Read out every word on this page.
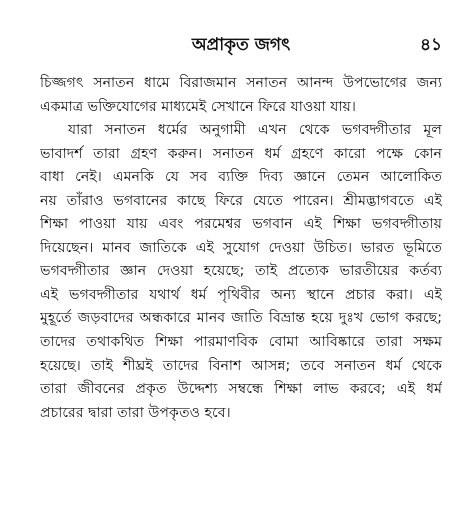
অপ্রাকৃত জগৎ	৪১
চিজ্জগৎ সনাতন ধামে বিরাজমান সনাতন আনন্দ উপভোগের জন্য
একমাত্র ভক্তিযোগের মাধ্যমেই সেখানে ফিরে যাওয়া যায়।
যারা সনাতন ধর্মের অনুগামী এখন থেকে ভগবদ্গীতার মূল
ভাবাদর্শ তারা গ্রহণ করুন। সনাতন ধর্ম গ্রহণে কারো পক্ষে কোন
বাধা নেই। এমনকি যে সব ব্যক্তি দিব্য জ্ঞানে তেমন আলোকিত
নয় তাঁরাও ভগবানের কাছে ফিরে যেতে পারেন। শ্রীমদ্ভাগবতে এই
শিক্ষা পাওয়া যায় এবং পরমেশ্বর ভগবান এই শিক্ষা ভগবদ্গীতায়
দিয়েছেন। মানব জাতিকে এই সুযোগ দেওয়া উচিত। ভারত ভূমিতে
ভগবদ্গীতার জ্ঞান দেওয়া হয়েছে; তাই প্রত্যেক ভারতীয়ের কর্তব্য
এই ভগবদ্গীতার যথার্থ ধর্ম পৃথিবীর অন্য স্থানে প্রচার করা। এই
মুহূর্তে জড়বাদের অন্ধকারে মানব জাতি বিভ্রান্ত হয়ে দুঃখ ভোগ করছে;
তাদের তথাকথিত শিক্ষা পারমাণবিক বোমা আবিষ্কারে তারা সক্ষম
হয়েছে। তাই শীঘ্রই তাদের বিনাশ আসন্ন; তবে সনাতন ধর্ম থেকে
তারা জীবনের প্রকৃত উদ্দেশ্য সম্বন্ধে শিক্ষা লাভ করবে; এই ধর্ম
প্রচারের দ্বারা তারা উপকৃতও হবে।
